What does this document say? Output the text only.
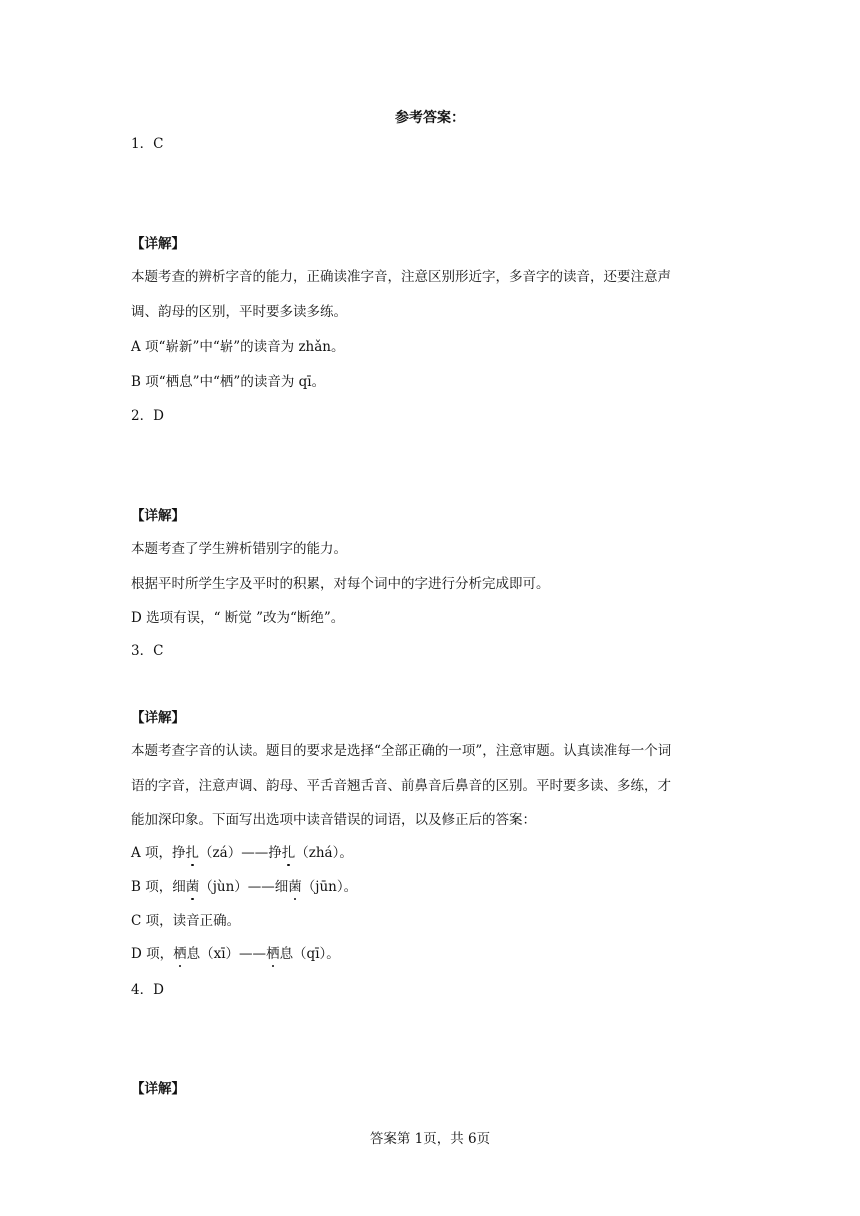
参考答案：
1．C
【详解】
本题考查的辨析字音的能力，正确读准字音，注意区别形近字，多音字的读音，还要注意声
调、韵母的区别，平时要多读多练。
A 项“崭新”中“崭”的读音为 zhǎn。
B 项“栖息”中“栖”的读音为 qī。
2．D
【详解】
本题考查了学生辨析错别字的能力。
根据平时所学生字及平时的积累，对每个词中的字进行分析完成即可。
D 选项有误，“ 断觉 ”改为“断绝”。
3．C
【详解】
本题考查字音的认读。题目的要求是选择“全部正确的一项”，注意审题。认真读准每一个词
语的字音，注意声调、韵母、平舌音翘舌音、前鼻音后鼻音的区别。平时要多读、多练，才
能加深印象。下面写出选项中读音错误的词语，以及修正后的答案：
A 项，挣扎（zá）——挣扎（zhá）。
B 项，细菌（jùn）——细菌（jūn）。
C 项，读音正确。
D 项，栖息（xī）——栖息（qī）。
4．D
【详解】
答案第 1页，共 6页
